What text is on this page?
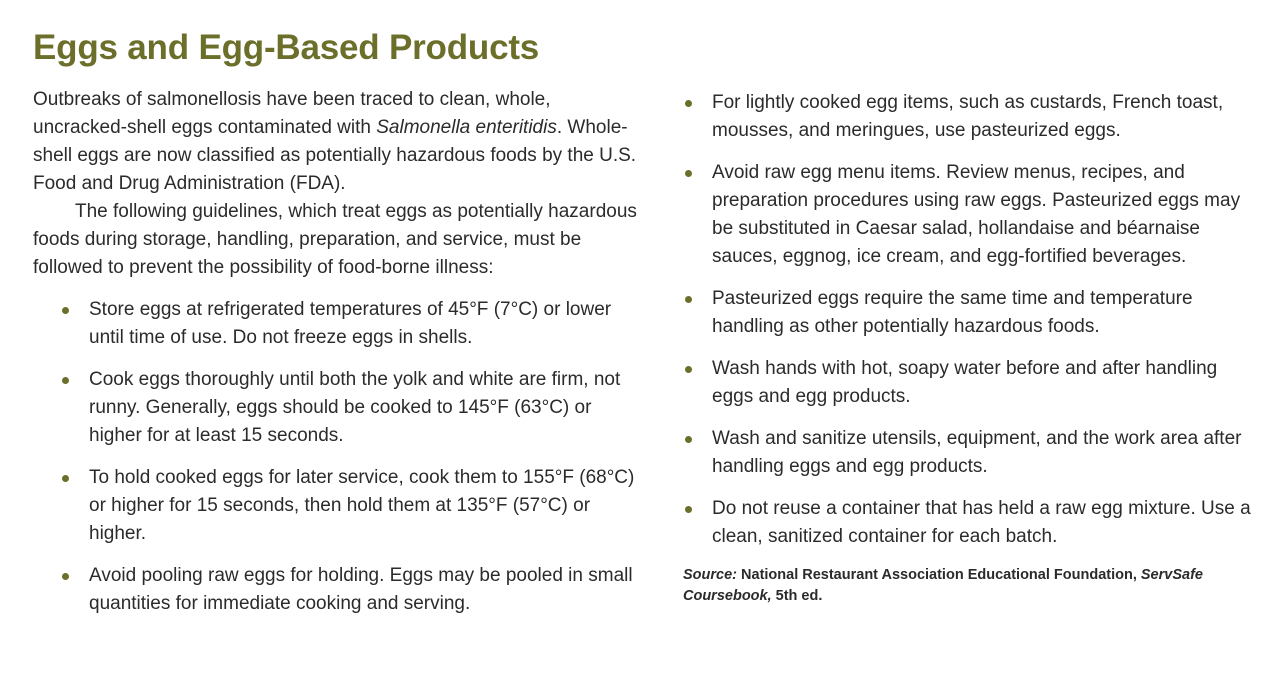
Eggs and Egg-Based Products

Outbreaks of salmonellosis have been traced to clean, whole, uncracked-shell eggs contaminated with Salmonella enteritidis. Whole-shell eggs are now classified as potentially hazardous foods by the U.S. Food and Drug Administration (FDA).

The following guidelines, which treat eggs as potentially hazardous foods during storage, handling, preparation, and service, must be followed to prevent the possibility of food-borne illness:

Store eggs at refrigerated temperatures of 45°F (7°C) or lower until time of use. Do not freeze eggs in shells.
Cook eggs thoroughly until both the yolk and white are firm, not runny. Generally, eggs should be cooked to 145°F (63°C) or higher for at least 15 seconds.
To hold cooked eggs for later service, cook them to 155°F (68°C) or higher for 15 seconds, then hold them at 135°F (57°C) or higher.
Avoid pooling raw eggs for holding. Eggs may be pooled in small quantities for immediate cooking and serving.
For lightly cooked egg items, such as custards, French toast, mousses, and meringues, use pasteurized eggs.
Avoid raw egg menu items. Review menus, recipes, and preparation procedures using raw eggs. Pasteurized eggs may be substituted in Caesar salad, hollandaise and béarnaise sauces, eggnog, ice cream, and egg-fortified beverages.
Pasteurized eggs require the same time and temperature handling as other potentially hazardous foods.
Wash hands with hot, soapy water before and after handling eggs and egg products.
Wash and sanitize utensils, equipment, and the work area after handling eggs and egg products.
Do not reuse a container that has held a raw egg mixture. Use a clean, sanitized container for each batch.
Source: National Restaurant Association Educational Foundation, ServSafe Coursebook, 5th ed.
